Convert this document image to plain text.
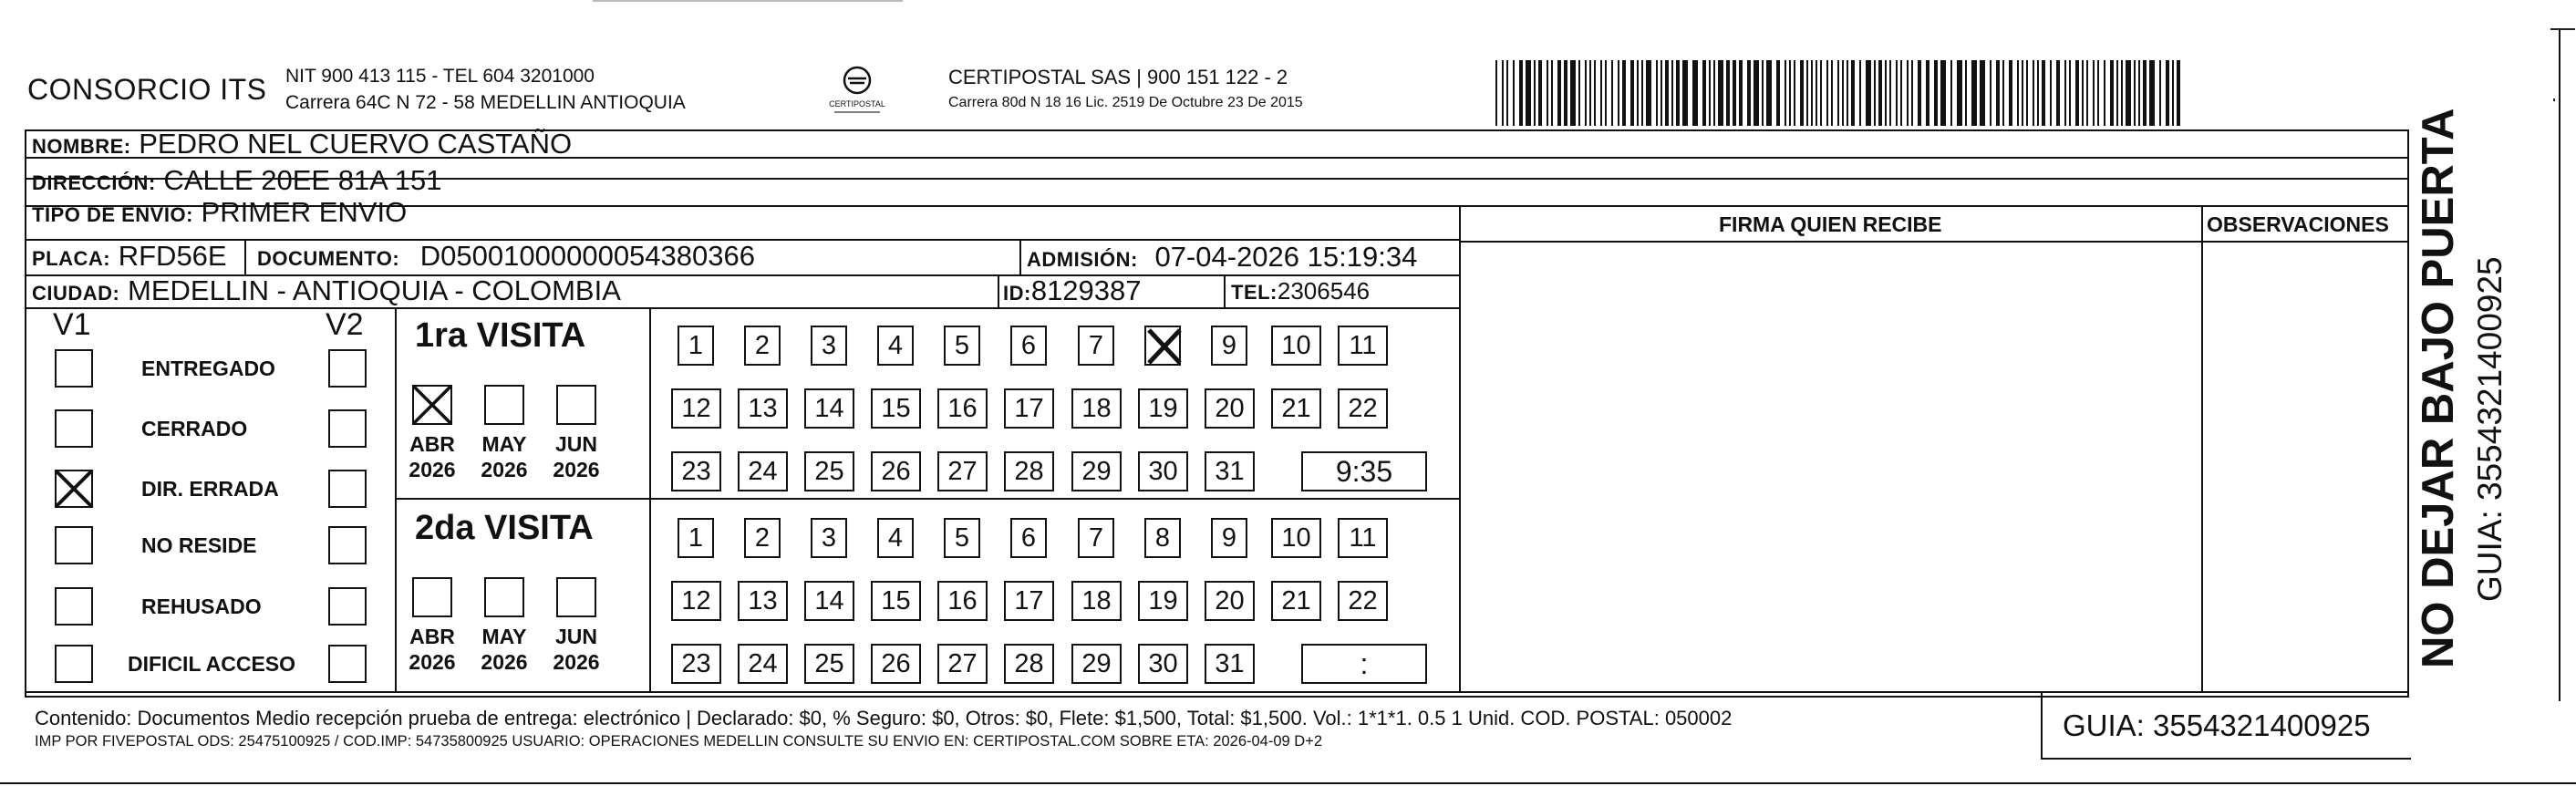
CONSORCIO ITS NIT 900 413 115 - TEL 604 3201000
Carrera 64C N 72 - 58 MEDELLIN ANTIOQUIA	CERTIPOSTAL
CERTIPOSTAL SAS | 900 151 122 - 2
Carrera 80d N 18 16 Lic. 2519 De Octubre 23 De 2015
NOMBRE: PEDRO NEL CUERVO CASTAÑO
DIRECCIÓN: CALLE 20EE 81A 151
TIPO DE ENVIO: PRIMER ENVIO
PLACA: RFD56E DOCUMENTO: D05001000000054380366	ADMISIÓN: 07-04-2026 15:19:34
CIUDAD: MEDELLIN - ANTIOQUIA - COLOMBIA	ID:8129387	TEL:2306546
FIRMA QUIEN RECIBE	OBSERVACIONES
V1	V2
ENTREGADO
CERRADO
DIR. ERRADA
NO RESIDE
REHUSADO
DIFICIL ACCESO
1ra VISITA
ABR
2026
MAY
2026
JUN
2026
1	2	3	4	5	6	7	9	10	11
12	13	14	15	16	17	18	19	20	21	22
23	24	25	26	27	28	29	30	31	9:35
2da VISITA
ABR
2026
MAY
2026
JUN
2026
1	2	3	4	5	6	7	8	9	10	11
12	13	14	15	16	17	18	19	20	21	22
23	24	25	26	27	28	29	30	31	:
Contenido: Documentos Medio recepción prueba de entrega: electrónico | Declarado: $0, % Seguro: $0, Otros: $0, Flete: $1,500, Total: $1,500. Vol.: 1*1*1. 0.5 1 Unid. COD. POSTAL: 050002
IMP POR FIVEPOSTAL ODS: 25475100925 / COD.IMP: 54735800925 USUARIO: OPERACIONES MEDELLIN CONSULTE SU ENVIO EN: CERTIPOSTAL.COM SOBRE ETA: 2026-04-09 D+2	GUIA: 3554321400925
NO DEJAR BAJO PUERTA GUIA: 3554321400925
